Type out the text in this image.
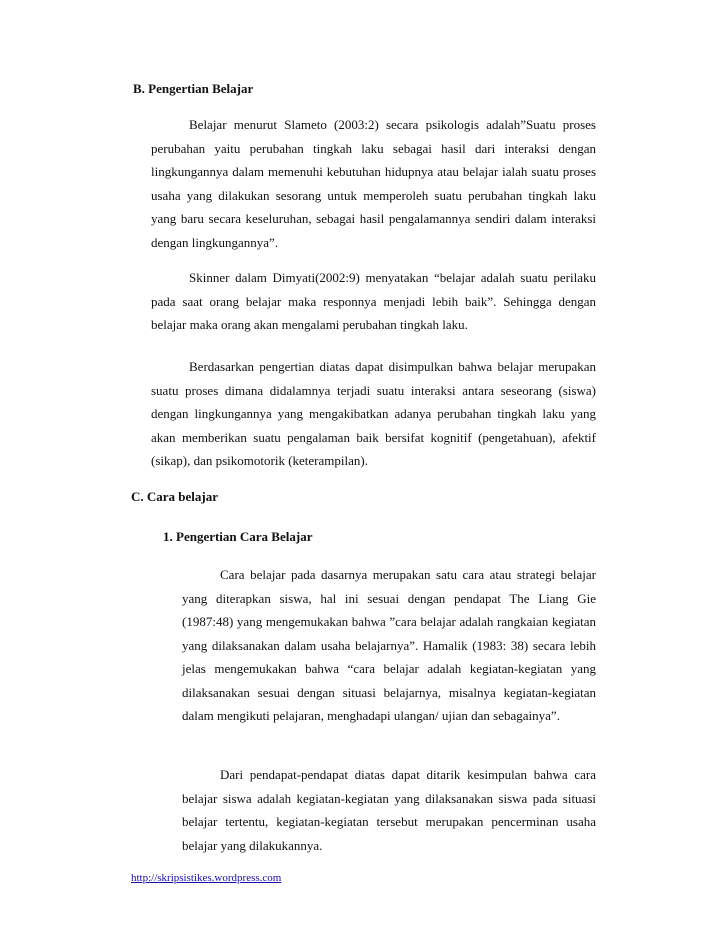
B. Pengertian Belajar
Belajar menurut Slameto (2003:2) secara psikologis adalah”Suatu proses perubahan yaitu perubahan tingkah laku sebagai hasil dari interaksi dengan lingkungannya dalam memenuhi kebutuhan hidupnya atau belajar ialah suatu proses usaha yang dilakukan sesorang untuk memperoleh suatu perubahan tingkah laku yang baru secara keseluruhan, sebagai hasil pengalamannya sendiri dalam interaksi dengan lingkungannya”.
Skinner dalam Dimyati(2002:9) menyatakan “belajar adalah suatu perilaku pada saat orang belajar maka responnya menjadi lebih baik”. Sehingga dengan belajar maka orang akan mengalami perubahan tingkah laku.
Berdasarkan pengertian diatas dapat disimpulkan bahwa belajar merupakan suatu proses dimana didalamnya terjadi suatu interaksi antara seseorang (siswa) dengan lingkungannya yang mengakibatkan adanya perubahan tingkah laku yang akan memberikan suatu pengalaman baik bersifat kognitif (pengetahuan), afektif (sikap), dan psikomotorik (keterampilan).
C. Cara belajar
1. Pengertian Cara Belajar
Cara belajar pada dasarnya merupakan satu cara atau strategi belajar yang diterapkan siswa, hal ini sesuai dengan pendapat The Liang Gie (1987:48) yang mengemukakan bahwa ”cara belajar adalah rangkaian kegiatan yang dilaksanakan dalam usaha belajarnya”. Hamalik (1983: 38) secara lebih jelas mengemukakan bahwa “cara belajar adalah kegiatan-kegiatan yang dilaksanakan sesuai dengan situasi belajarnya, misalnya kegiatan-kegiatan dalam mengikuti pelajaran, menghadapi ulangan/ ujian dan sebagainya”.
Dari pendapat-pendapat diatas dapat ditarik kesimpulan bahwa cara belajar siswa adalah kegiatan-kegiatan yang dilaksanakan siswa pada situasi belajar tertentu, kegiatan-kegiatan tersebut merupakan pencerminan usaha belajar yang dilakukannya.
http://skripsistikes.wordpress.com
